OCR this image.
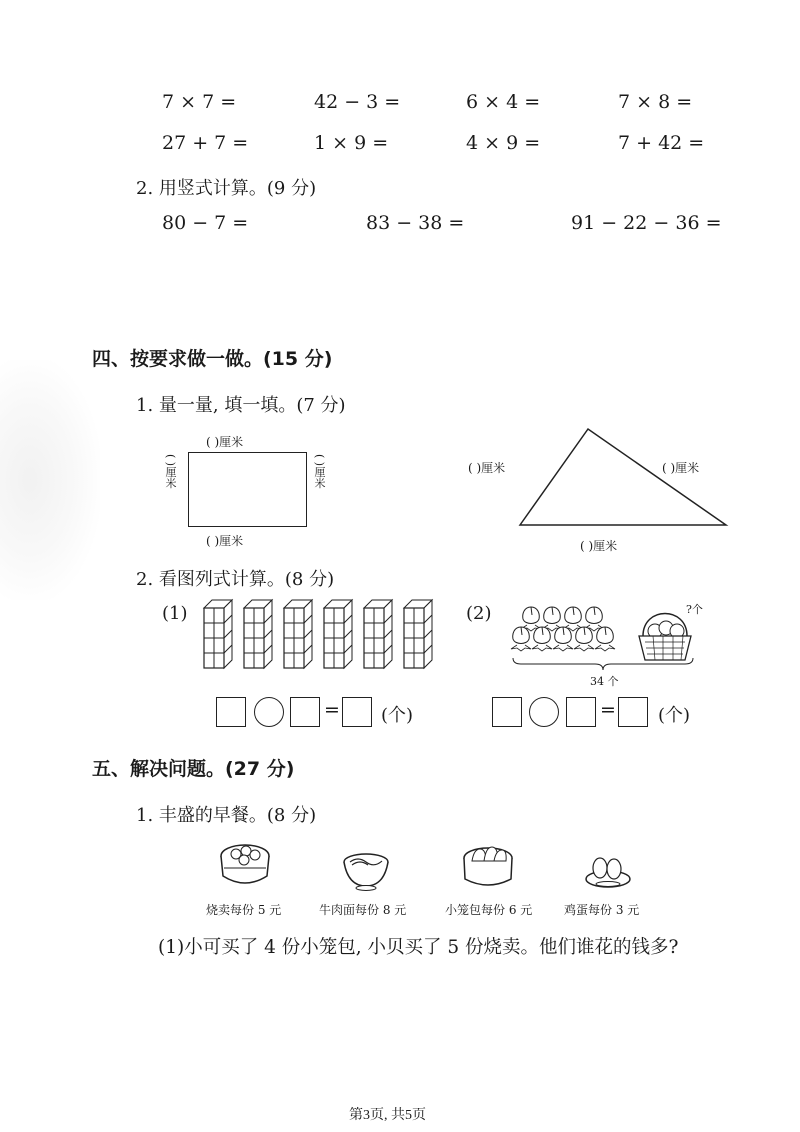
7 × 7 =	42 − 3 =	6 × 4 =	7 × 8 =
27 + 7 =	1 × 9 =	4 × 9 =	7 + 42 =
2. 用竖式计算。(9 分)
80 − 7 =	83 − 38 =	91 − 22 − 36 =
四、按要求做一做。(15 分)
1. 量一量, 填一填。(7 分)
( )厘米
( )厘米	( )厘米
( )厘米
( )厘米	( )厘米
( )厘米
2. 看图列式计算。(8 分)
(1)	(2)	?个
34 个
= (个)	= (个)
五、解决问题。(27 分)
1. 丰盛的早餐。(8 分)
烧卖每份 5 元	牛肉面每份 8 元	小笼包每份 6 元	鸡蛋每份 3 元
(1)小可买了 4 份小笼包, 小贝买了 5 份烧卖。他们谁花的钱多?
第3页, 共5页
